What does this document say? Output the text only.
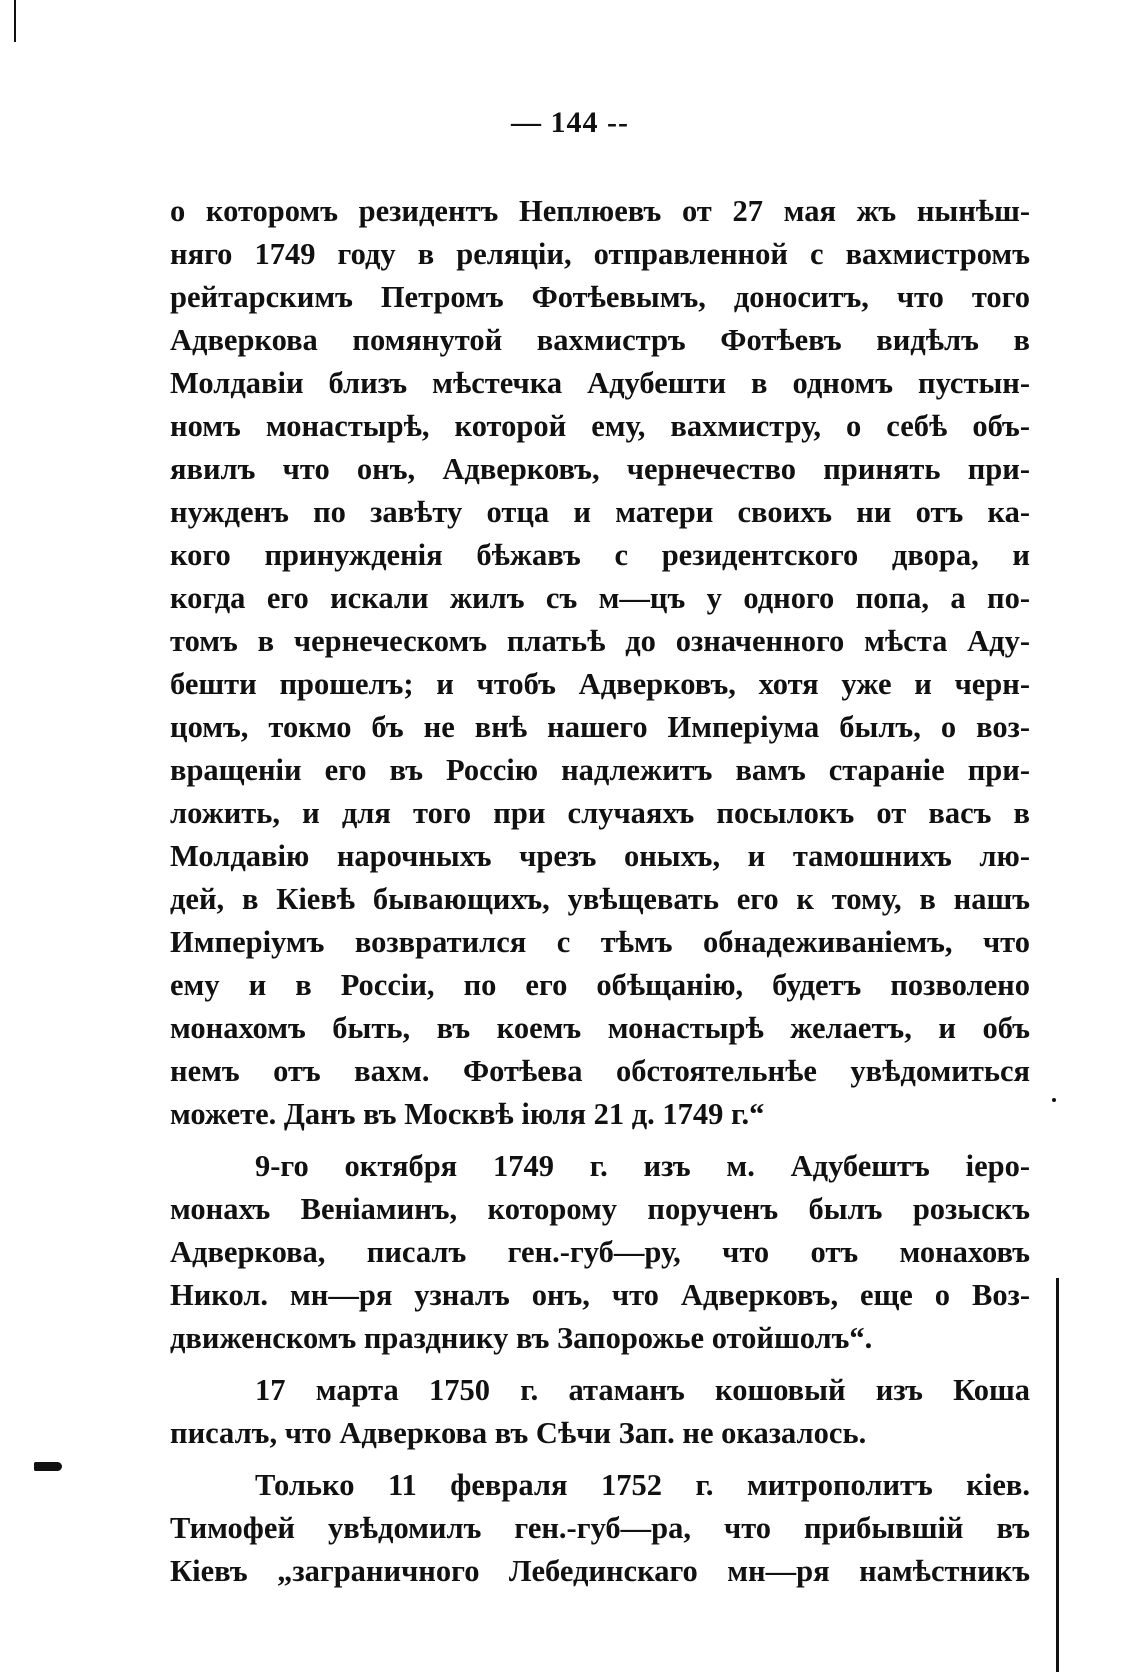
— 144 --
о которомъ резидентъ Неплюевъ от 27 мая жъ нынѣш-
няго 1749 году в реляціи, отправленной с вахмистромъ
рейтарскимъ Петромъ Фотѣевымъ, доноситъ, что того
Адверкова помянутой вахмистръ Фотѣевъ видѣлъ в
Молдавіи близъ мѣстечка Адубешти в одномъ пустын-
номъ монастырѣ, которой ему, вахмистру, о себѣ объ-
явилъ что онъ, Адверковъ, чернечество принять при-
нужденъ по завѣту отца и матери своихъ ни отъ ка-
кого принужденія бѣжавъ с резидентского двора, и
когда его искали жилъ съ м—цъ у одного попа, а по-
томъ в чернеческомъ платьѣ до означенного мѣста Аду-
бешти прошелъ; и чтобъ Адверковъ, хотя уже и черн-
цомъ, токмо бъ не внѣ нашего Имперіума былъ, о воз-
вращеніи его въ Россію надлежитъ вамъ стараніе при-
ложить, и для того при случаяхъ посылокъ от васъ в
Молдавію нарочныхъ чрезъ оныхъ, и тамошнихъ лю-
дей, в Кіевѣ бывающихъ, увѣщевать его к тому, в нашъ
Имперіумъ возвратился с тѣмъ обнадеживаніемъ, что
ему и в Россіи, по его обѣщанію, будетъ позволено
монахомъ быть, въ коемъ монастырѣ желаетъ, и объ
немъ отъ вахм. Фотѣева обстоятельнѣе увѣдомиться
можете. Данъ въ Москвѣ іюля 21 д. 1749 г.“
9-го октября 1749 г. изъ м. Адубештъ іеро-
монахъ Веніаминъ, которому порученъ былъ розыскъ
Адверкова, писалъ ген.-губ—ру, что отъ монаховъ
Никол. мн—ря узналъ онъ, что Адверковъ, еще о Воз-
движенскомъ празднику въ Запорожье отойшолъ“.
17 марта 1750 г. атаманъ кошовый изъ Коша
писалъ, что Адверкова въ Сѣчи Зап. не оказалось.
Только 11 февраля 1752 г. митрополитъ кіев.
Тимофей увѣдомилъ ген.-губ—ра, что прибывшій въ
Кіевъ „заграничного Лебединскаго мн—ря намѣстникъ
